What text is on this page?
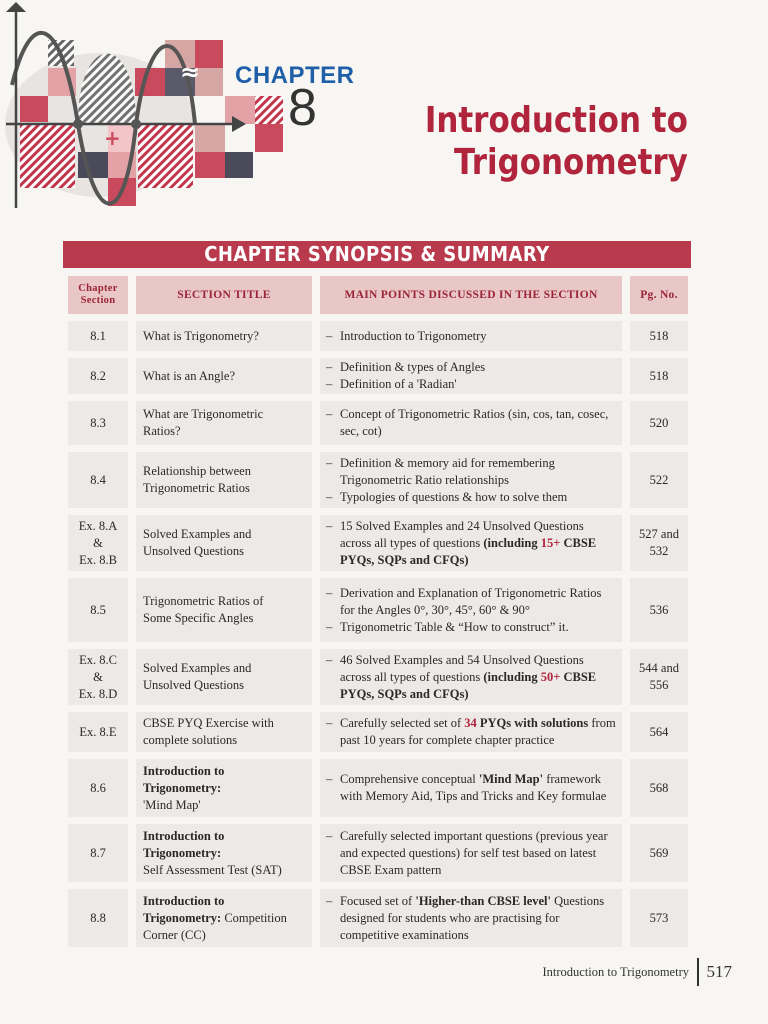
+
≈ CHAPTER
8	Introduction to
Trigonometry
CHAPTER SYNOPSIS & SUMMARY
Chapter
Section	SECTION TITLE	MAIN POINTS DISCUSSED IN THE SECTION	Pg. No.
8.1	What is Trigonometry?
–	Introduction to Trigonometry	518
8.2	What is an Angle?
– Definition & types of Angles
– Definition of a 'Radian'
518
8.3
What are Trigonometric
Ratios?
– Concept of Trigonometric Ratios (sin, cos, tan, cosec, sec, cot)
520
8.4
Relationship between
Trigonometric Ratios
– Definition & memory aid for remembering Trigonometric Ratio relationships
– Typologies of questions & how to solve them
522
Ex. 8.A
&
Ex. 8.B
Solved Examples and
Unsolved Questions
– 15 Solved Examples and 24 Unsolved Questions across all types of questions (including 15+ CBSE PYQs, SQPs and CFQs)
527 and
532
8.5
Trigonometric Ratios of
Some Specific Angles
– Derivation and Explanation of Trigonometric Ratios for the Angles 0°, 30°, 45°, 60° & 90°
– Trigonometric Table & “How to construct” it.
536
Ex. 8.C
&
Ex. 8.D
Solved Examples and
Unsolved Questions
– 46 Solved Examples and 54 Unsolved Questions across all types of questions (including 50+ CBSE PYQs, SQPs and CFQs)
544 and
556
Ex. 8.E
CBSE PYQ Exercise with
complete solutions
– Carefully selected set of 34 PYQs with solutions from past 10 years for complete chapter practice
564
8.6
Introduction to
Trigonometry:
'Mind Map'
– Comprehensive conceptual 'Mind Map' framework with Memory Aid, Tips and Tricks and Key formulae
568
8.7
Introduction to
Trigonometry:
Self Assessment Test (SAT)
– Carefully selected important questions (previous year and expected questions) for self test based on latest CBSE Exam pattern
569
8.8
Introduction to
Trigonometry: Competition
Corner (CC)
– Focused set of 'Higher-than CBSE level' Questions designed for students who are practising for competitive examinations
573
Introduction to Trigonometry 517
